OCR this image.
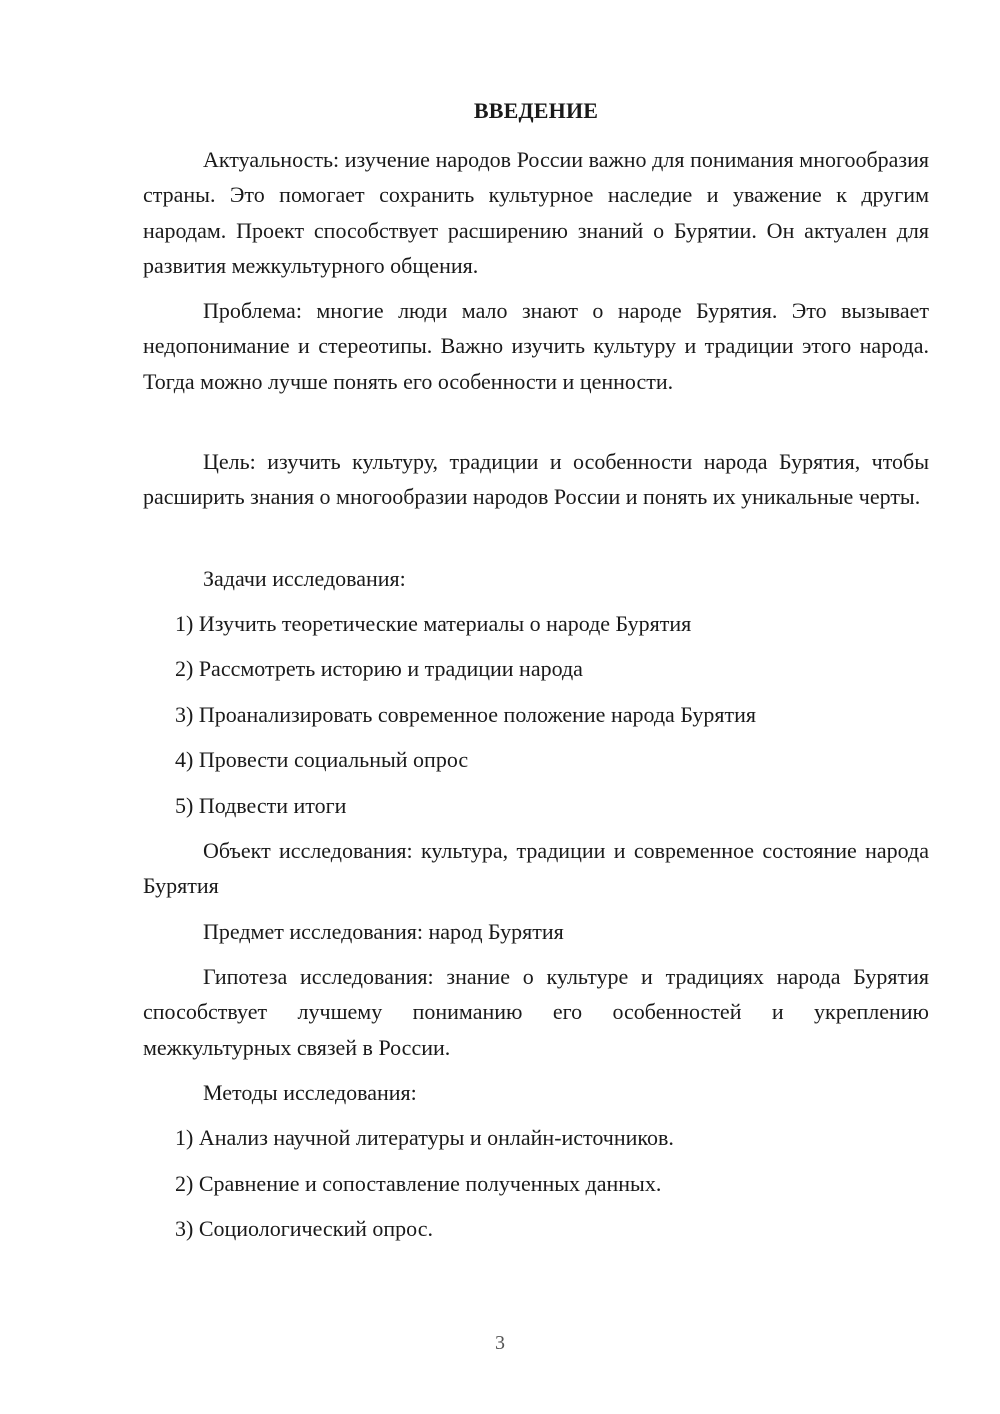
ВВЕДЕНИЕ

Актуальность: изучение народов России важно для понимания многообразия страны. Это помогает сохранить культурное наследие и уважение к другим народам. Проект способствует расширению знаний о Бурятии. Он актуален для развития межкультурного общения.

Проблема: многие люди мало знают о народе Бурятия. Это вызывает недопонимание и стереотипы. Важно изучить культуру и традиции этого народа. Тогда можно лучше понять его особенности и ценности.

Цель: изучить культуру, традиции и особенности народа Бурятия, чтобы расширить знания о многообразии народов России и понять их уникальные черты.

Задачи исследования:
1) Изучить теоретические материалы о народе Бурятия
2) Рассмотреть историю и традиции народа
3) Проанализировать современное положение народа Бурятия
4) Провести социальный опрос
5) Подвести итоги

Объект исследования: культура, традиции и современное состояние народа Бурятия

Предмет исследования: народ Бурятия

Гипотеза исследования: знание о культуре и традициях народа Бурятия способствует лучшему пониманию его особенностей и укреплению межкультурных связей в России.

Методы исследования:
1) Анализ научной литературы и онлайн-источников.
2) Сравнение и сопоставление полученных данных.
3) Социологический опрос.
3
